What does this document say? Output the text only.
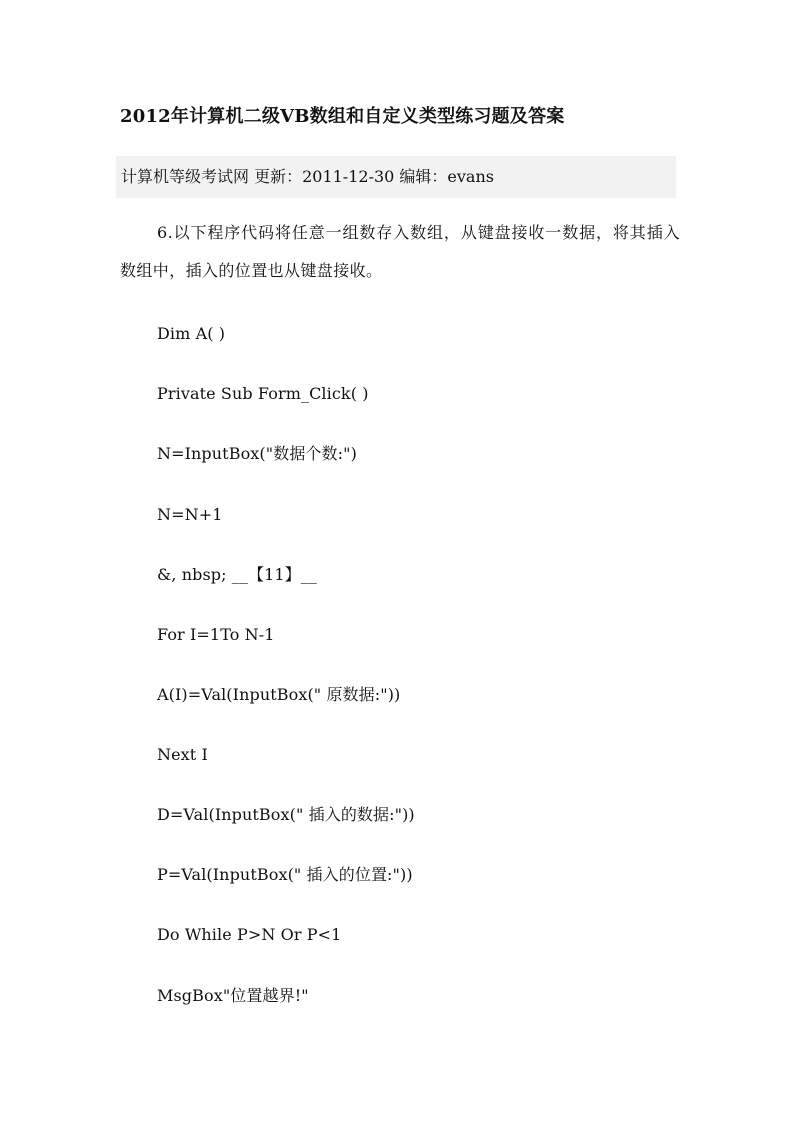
2012年计算机二级VB数组和自定义类型练习题及答案
计算机等级考试网 更新：2011-12-30 编辑：evans
6.以下程序代码将任意一组数存入数组，从键盘接收一数据，将其插入数组中，插入的位置也从键盘接收。
Dim A( )
Private Sub Form_Click( )
N=InputBox("数据个数:")
N=N+1
&, nbsp; __【11】__
For I=1To N-1
A(I)=Val(InputBox(" 原数据:"))
Next I
D=Val(InputBox(" 插入的数据:"))
P=Val(InputBox(" 插入的位置:"))
Do While P>N Or P<1
MsgBox"位置越界!"
